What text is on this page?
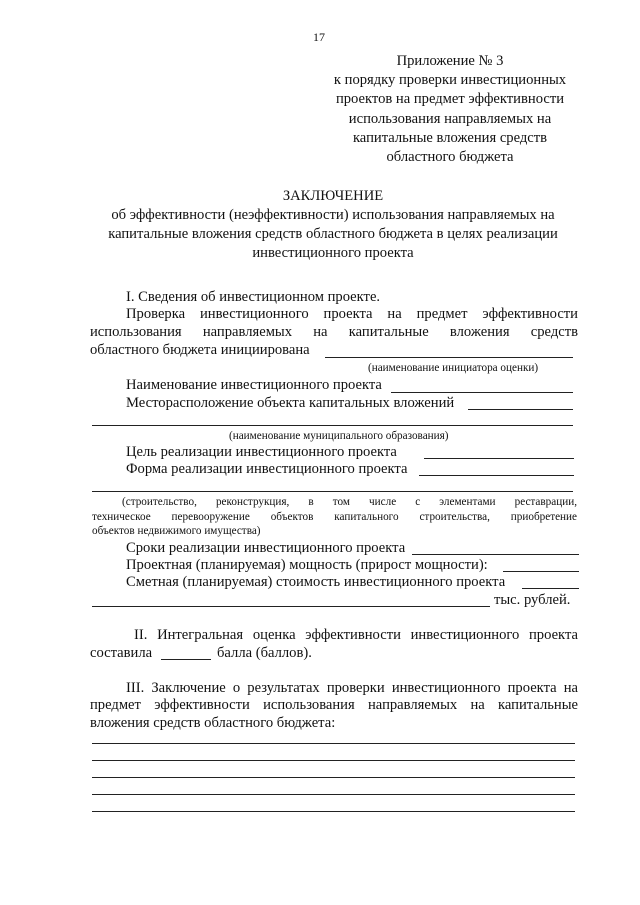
17
Приложение № 3
к порядку проверки инвестиционных
проектов на предмет эффективности
использования направляемых на
капитальные вложения средств
областного бюджета
ЗАКЛЮЧЕНИЕ
об эффективности (неэффективности) использования направляемых на
капитальные вложения средств областного бюджета в целях реализации
инвестиционного проекта
I. Сведения об инвестиционном проекте.
Проверка инвестиционного проекта на предмет эффективности
использования направляемых на капитальные вложения средств
областного бюджета инициирована
(наименование инициатора оценки)
Наименование инвестиционного проекта
Месторасположение объекта капитальных вложений
(наименование муниципального образования)
Цель реализации инвестиционного проекта
Форма реализации инвестиционного проекта
(строительство, реконструкция, в том числе с элементами реставрации,
техническое перевооружение объектов капитального строительства, приобретение
объектов недвижимого имущества)
Сроки реализации инвестиционного проекта
Проектная (планируемая) мощность (прирост мощности):
Сметная (планируемая) стоимость инвестиционного проекта
тыс. рублей.
II. Интегральная оценка эффективности инвестиционного проекта
составила	балла (баллов).
III. Заключение о результатах проверки инвестиционного проекта на
предмет эффективности использования направляемых на капитальные
вложения средств областного бюджета:
